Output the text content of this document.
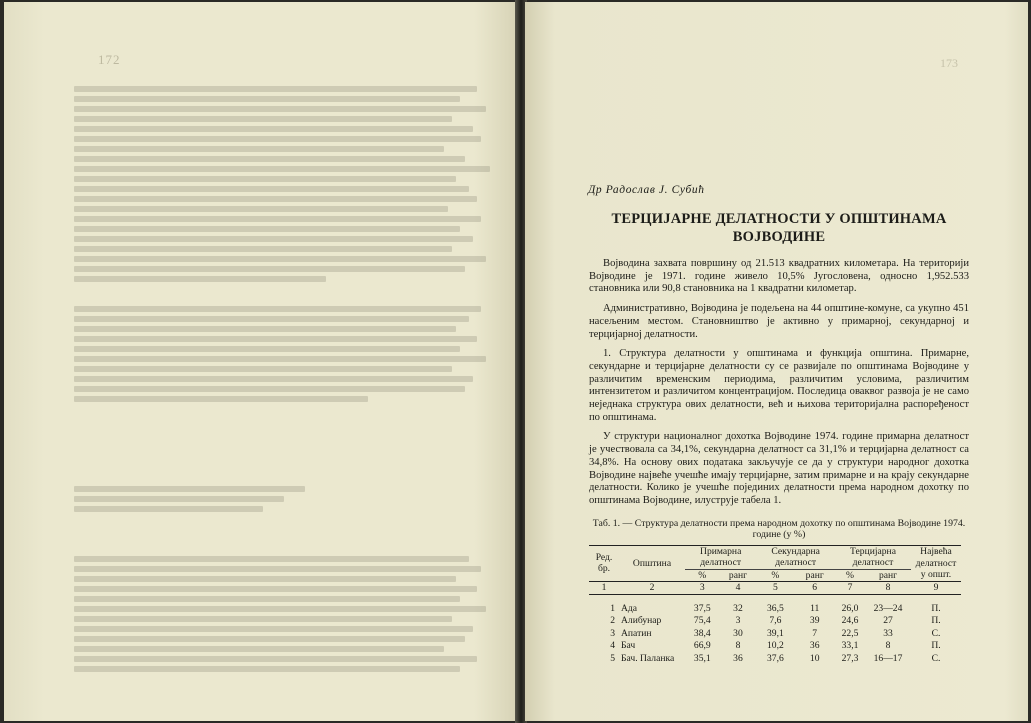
172	173
Др Радослав Ј. Субић
ТЕРЦИЈАРНЕ ДЕЛАТНОСТИ У ОПШТИНАМА ВОЈВОДИНЕ

Војводина захвата површину од 21.513 квадратних километара. На територији Војводине је 1971. године живело 10,5% Југословена, односно 1,952.533 становника или 90,8 становника на 1 квадратни километар.

Административно, Војводина је подељена на 44 општине-комуне, са укупно 451 насељеним местом. Становништво је активно у примарној, секундарној и терцијарној делатности.

1. Структура делатности у општинама и функција општина. Примарне, секундарне и терцијарне делатности су се развијале по општинама Војводине у различитим временским периодима, различитим условима, различитим интензитетом и различитом концентрацијом. Последица оваквог развоја је не само неједнака структура ових делатности, већ и њихова територијална распоређеност по општинама.

У структури националног дохотка Војводине 1974. године примарна делатност је учествовала са 34,1%, секундарна делатност са 31,1% и терцијарна делатност са 34,8%. На основу ових података закључује се да у структури народног дохотка Војводине највеће учешће имају терцијарне, затим примарне и на крају секундарне делатности. Колико је учешће појединих делатности према народном дохотку по општинама Војводине, илуструје табела 1.

Таб. 1. — Структура делатности према народном дохотку по општинама Војводине 1974. године (у %)
Ред. бр.	Општина	Примарна делатност		Секундарна делатност		Терцијарна делатност		Највећа делатност у општ.
		%	ранг	%	ранг	%	ранг	
1	2	3	4	5	6	7	8	9
1	Ада	37,5	32	36,5	11	26,0	23—24	П.
2	Алибунар	75,4	3	7,6	39	24,6	27	П.
3	Апатин	38,4	30	39,1	7	22,5	33	С.
4	Бач	66,9	8	10,2	36	33,1	8	П.
5	Бач. Паланка	35,1	36	37,6	10	27,3	16—17	С.
